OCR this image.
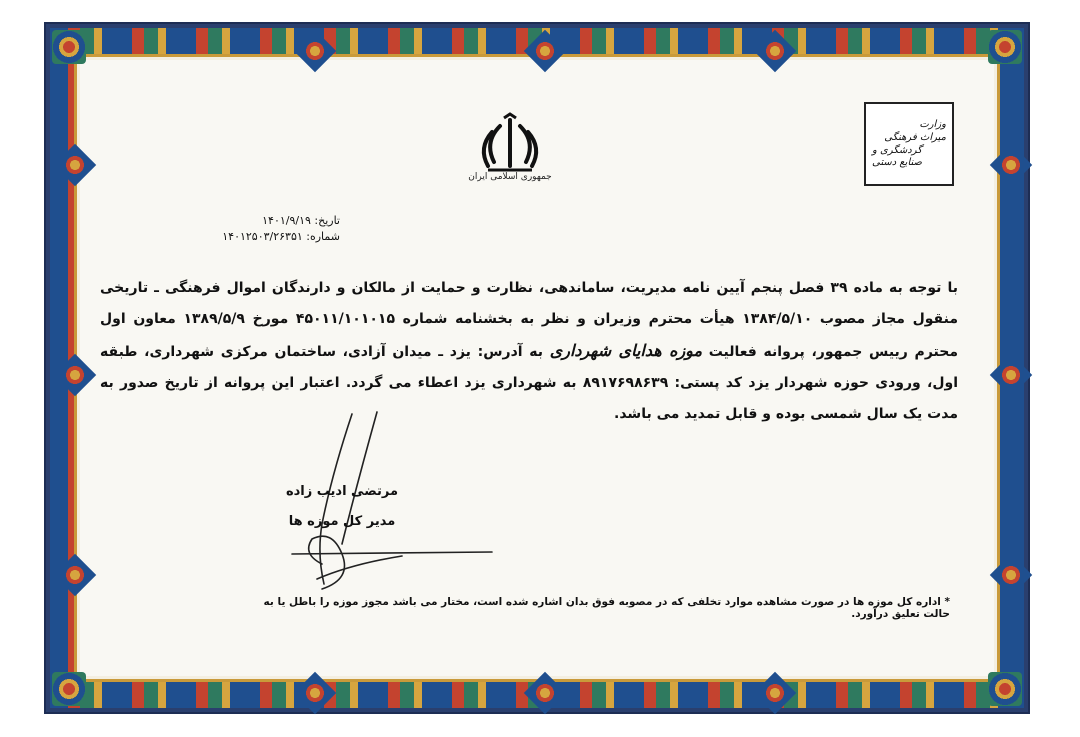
جمهوری اسلامی ایران
وزارت
میراث فرهنگی
گردشگری و صنایع دستی
تاریخ: ۱۴۰۱/۹/۱۹
شماره: ۱۴۰۱۲۵۰۳/۲۶۳۵۱
با توجه به ماده ۳۹ فصل پنجم آیین نامه مدیریت، ساماندهی، نظارت و حمایت از مالکان و دارندگان اموال فرهنگی ـ تاریخی منقول مجاز مصوب ۱۳۸۴/۵/۱۰ هیأت محترم وزیران و نظر به بخشنامه شماره ۴۵۰۱۱/۱۰۱۰۱۵ مورخ ۱۳۸۹/۵/۹ معاون اول محترم رییس جمهور، پروانه فعالیت موزه هدایای شهرداری به آدرس: یزد ـ میدان آزادی، ساختمان مرکزی شهرداری، طبقه اول، ورودی حوزه شهردار یزد کد پستی: ۸۹۱۷۶۹۸۶۳۹ به شهرداری یزد اعطاء می گردد. اعتبار این پروانه از تاریخ صدور به مدت یک سال شمسی بوده و قابل تمدید می باشد.
مرتضی ادیب زاده
مدیر کل موزه ها
* اداره کل موزه ها در صورت مشاهده موارد تخلفی که در مصوبه فوق بدان اشاره شده است، مختار می باشد مجوز موزه را باطل یا به حالت تعلیق درآورد.
